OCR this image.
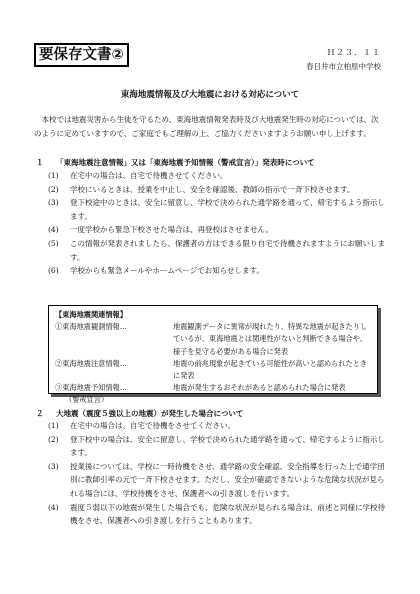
要保存文書②	Ｈ２３．１１
春日井市立柏原中学校
東海地震情報及び大地震における対応について

本校では地震災害から生徒を守るため、東海地震情報発表時及び大地震発生時の対応については、次のように定めていますので、ご家庭でもご理解の上、ご協力くださいますようお願い申し上げます。

１ 「東海地震注意情報」又は「東海地震予知情報（警戒宣言）」発表時について
(1)	在宅中の場合は、自宅で待機させてください。
(2)	学校にいるときは、授業を中止し、安全を確認後、教師の指示で一斉下校させます。
(3)	登下校途中のときは、安全に留意し、学校で決められた通学路を通って、帰宅するよう指示します。
(4)	一度学校から緊急下校させた場合は、再登校はさせません。
(5)	この情報が発表されましたら、保護者の方はできる限り自宅で待機されますようにお願いします。
(6)	学校からも緊急メールやホームページでお知らせします。
【東海地震関連情報】
①東海地震観測情報…	地震観測データに異常が現れたり、特異な地震が起きたりしているが、東海地震とは関連性がないと判断できる場合や、様子を見守る必要がある場合に発表
②東海地震注意情報…	地震の前兆現象が起きている可能性が高いと認められたときに発表
③東海地震予知情報…	地震が発生するおそれがあると認められた場合に発表
（警戒宣言）
２ 大地震（震度５強以上の地震）が発生した場合について
(1)	在宅中の場合は、自宅で待機をさせてください。
(2)	登下校中の場合は、安全に留意し、学校で決められた通学路を通って、帰宅するように指示します。
(3)	授業後については、学校に一時待機をさせ、通学路の安全確認、安全指導を行った上で通学団別に教師引率の元で一斉下校させます。ただし、安全が確認できないような危険な状況が見られる場合には、学校待機をさせ、保護者への引き渡しを行います。
(4)	震度５弱以下の地震が発生した場合でも、危険な状況が見られる場合は、前述と同様に学校待機をさせ、保護者への引き渡しを行うこともあります。
